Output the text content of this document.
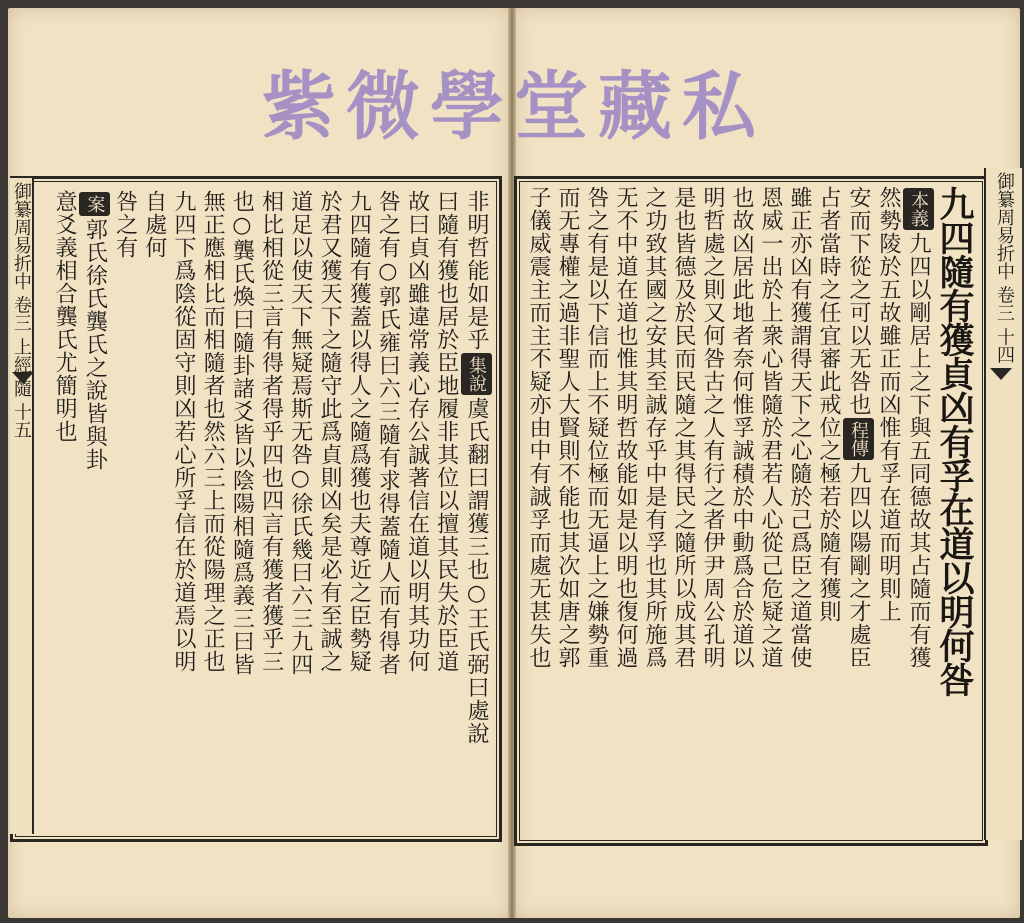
紫微學堂藏私
御纂周易折中 卷三 上經 隨 十五	御纂周易折中 卷三 十四
九四隨有獲貞凶有孚在道以明何咎
本義九四以剛居上之下與五同德故其占隨而有獲
然勢陵於五故雖正而凶惟有孚在道而明則上
安而下從之可以无咎也程傳九四以陽剛之才處臣
占者當時之任宜審此戒位之極若於隨有獲則
雖正亦凶有獲謂得天下之心隨於己爲臣之道當使
恩威一出於上衆心皆隨於君若人心從己危疑之道
也故凶居此地者奈何惟孚誠積於中動爲合於道以
明哲處之則又何咎古之人有行之者伊尹周公孔明
是也皆德及於民而民隨之其得民之隨所以成其君
之功致其國之安其至誠存乎中是有孚也其所施爲
无不中道在道也惟其明哲故能如是以明也復何過
咎之有是以下信而上不疑位極而无逼上之嫌勢重
而无專權之過非聖人大賢則不能也其次如唐之郭
子儀威震主而主不疑亦由中有誠孚而處无甚失也
非明哲能如是乎集說虞氏翻曰謂獲三也○王氏弼曰處說
曰隨有獲也居於臣地履非其位以擅其民失於臣道
故曰貞凶雖違常義心存公誠著信在道以明其功何
咎之有○郭氏雍曰六三隨有求得蓋隨人而有得者
九四隨有獲蓋以得人之隨爲獲也夫尊近之臣勢疑
於君又獲天下之隨守此爲貞則凶矣是必有至誠之
道足以使天下無疑焉斯无咎○徐氏幾曰六三九四
相比相從三言有得者得乎四也四言有獲者獲乎三
也○龔氏煥曰隨卦諸爻皆以陰陽相隨爲義三曰皆
無正應相比而相隨者也然六三上而從陽理之正也
九四下爲陰從固守則凶若心所孚信在於道焉以明
自處何
咎之有
案郭氏徐氏龔氏之說皆與卦
意爻義相合龔氏尤簡明也
